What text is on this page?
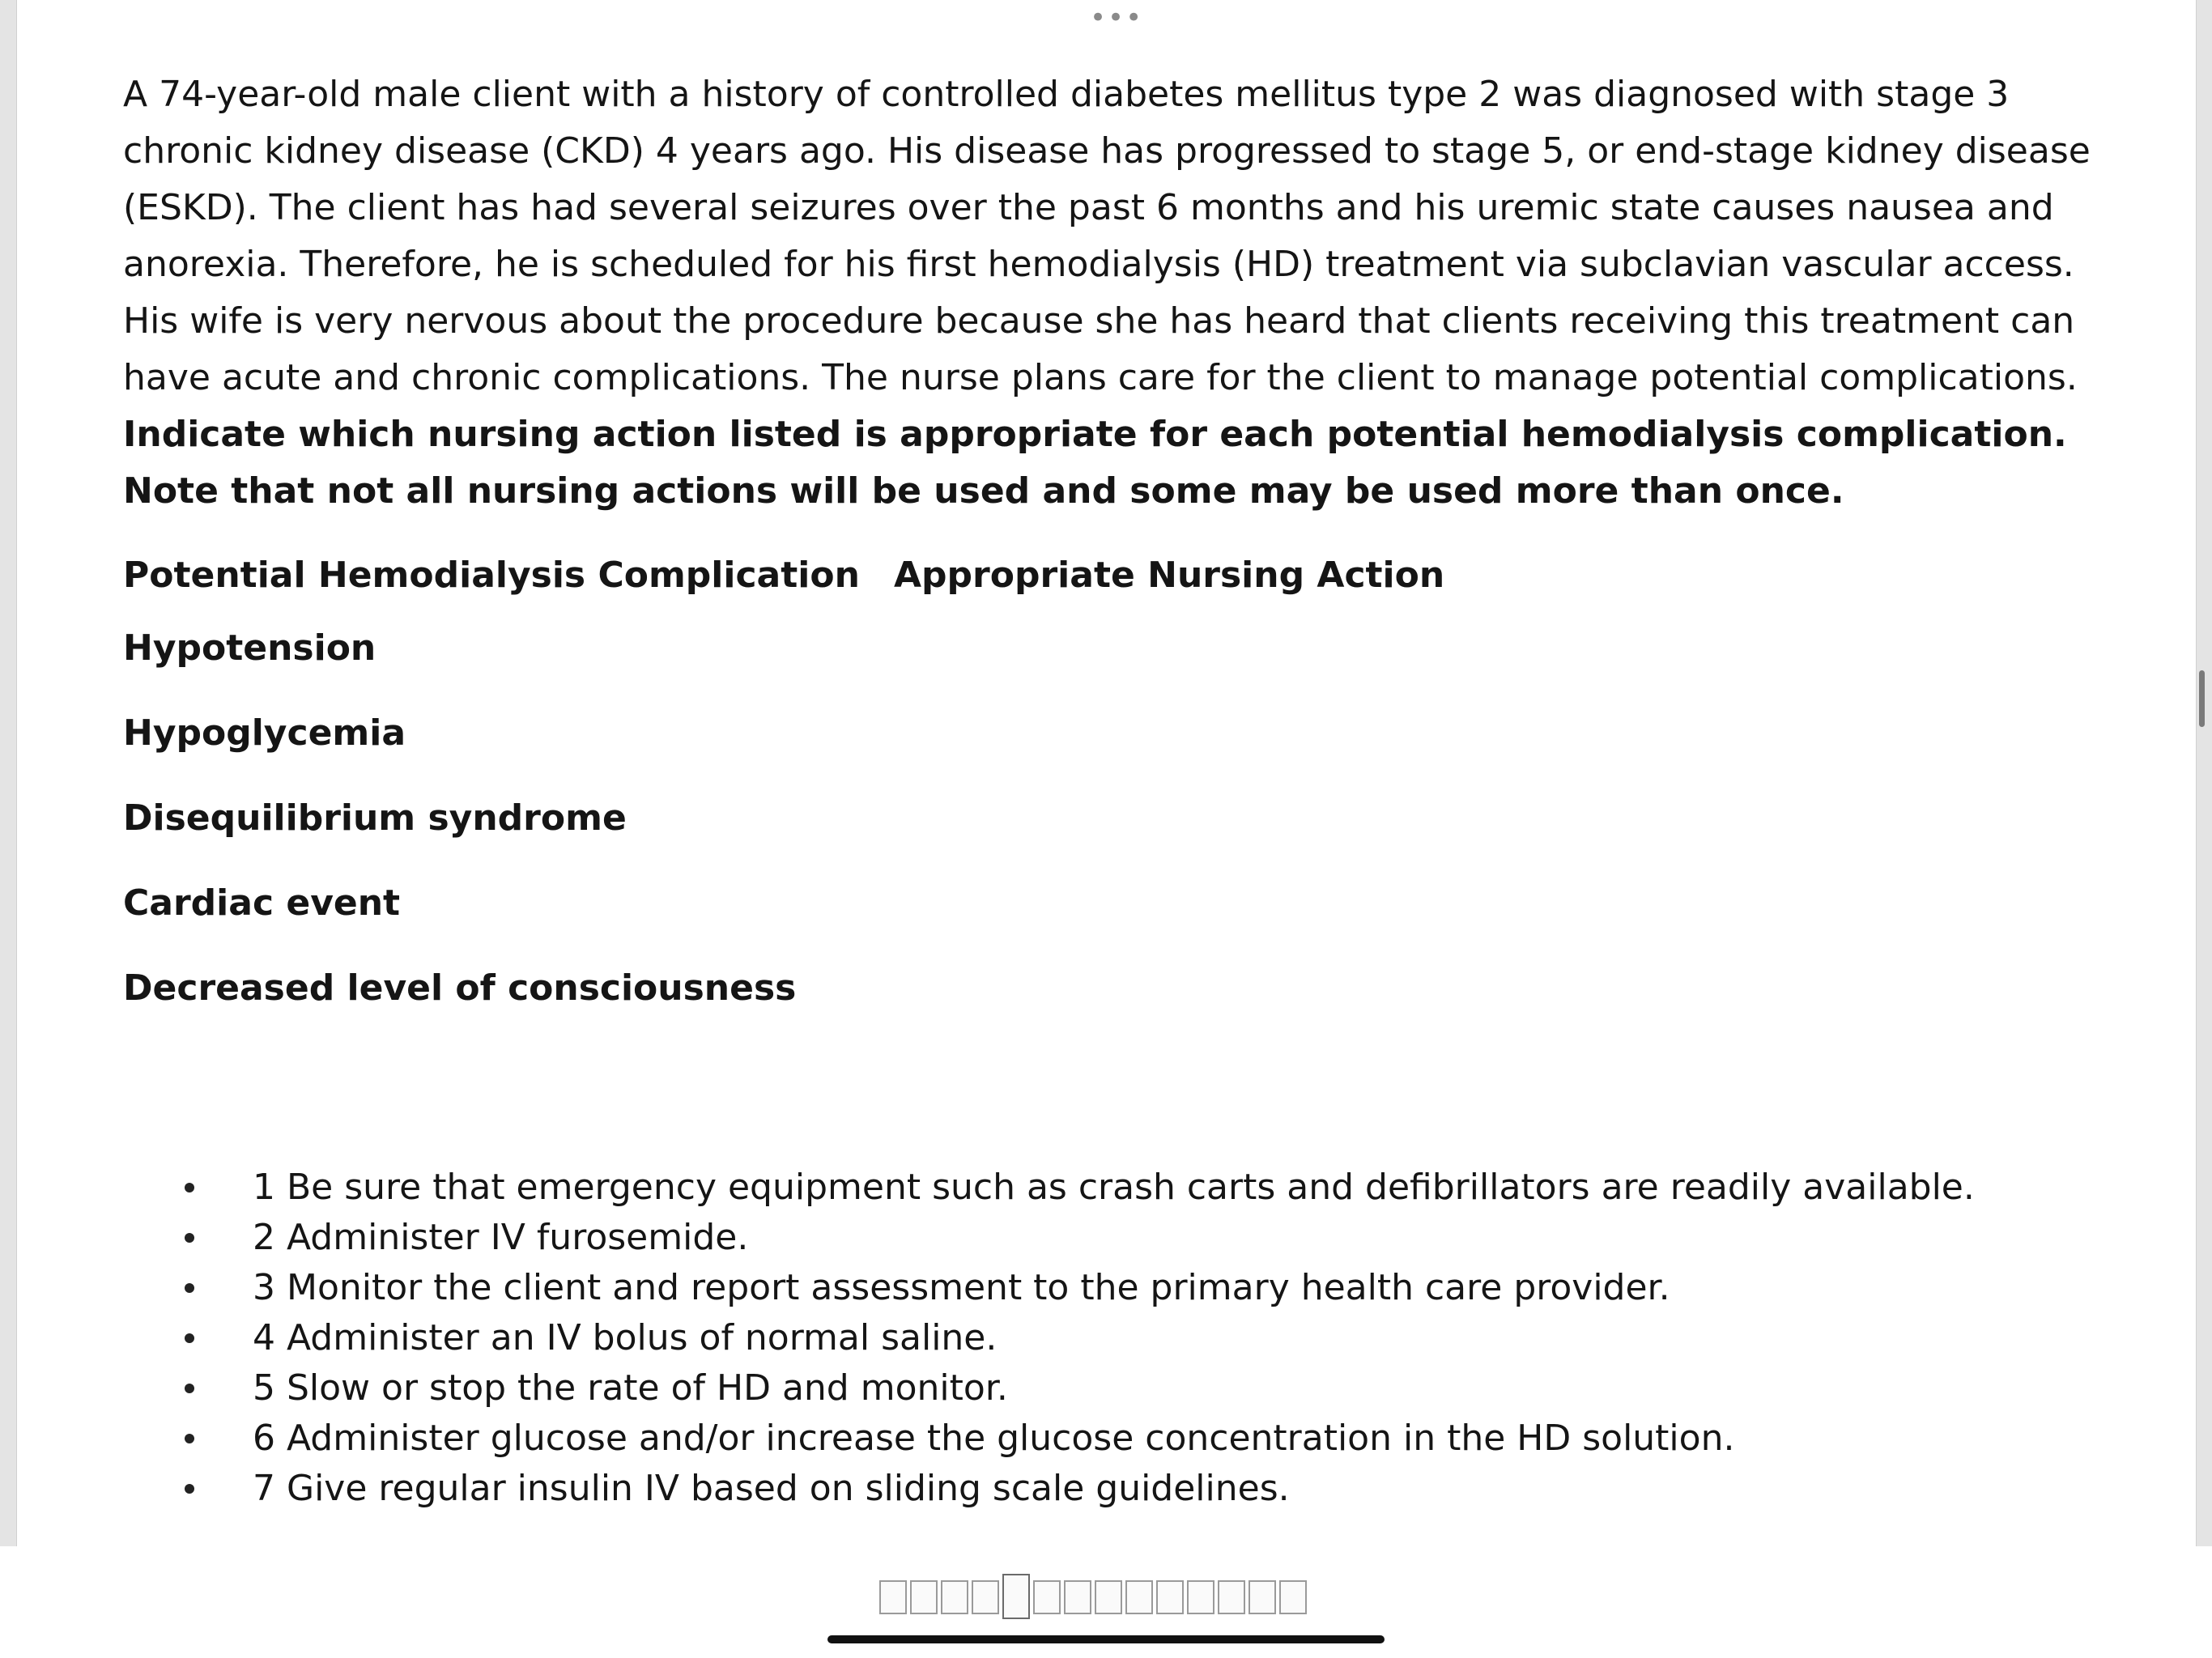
•••

A 74-year-old male client with a history of controlled diabetes mellitus type 2 was diagnosed with stage 3 chronic kidney disease (CKD) 4 years ago. His disease has progressed to stage 5, or end-stage kidney disease (ESKD). The client has had several seizures over the past 6 months and his uremic state causes nausea and anorexia. Therefore, he is scheduled for his first hemodialysis (HD) treatment via subclavian vascular access. His wife is very nervous about the procedure because she has heard that clients receiving this treatment can have acute and chronic complications. The nurse plans care for the client to manage potential complications. Indicate which nursing action listed is appropriate for each potential hemodialysis complication. Note that not all nursing actions will be used and some may be used more than once.

Potential Hemodialysis Complication Appropriate Nursing Action
Hypotension
Hypoglycemia
Disequilibrium syndrome
Cardiac event
Decreased level of consciousness
1 Be sure that emergency equipment such as crash carts and defibrillators are readily available.
2 Administer IV furosemide.
3 Monitor the client and report assessment to the primary health care provider.
4 Administer an IV bolus of normal saline.
5 Slow or stop the rate of HD and monitor.
6 Administer glucose and/or increase the glucose concentration in the HD solution.
7 Give regular insulin IV based on sliding scale guidelines.
